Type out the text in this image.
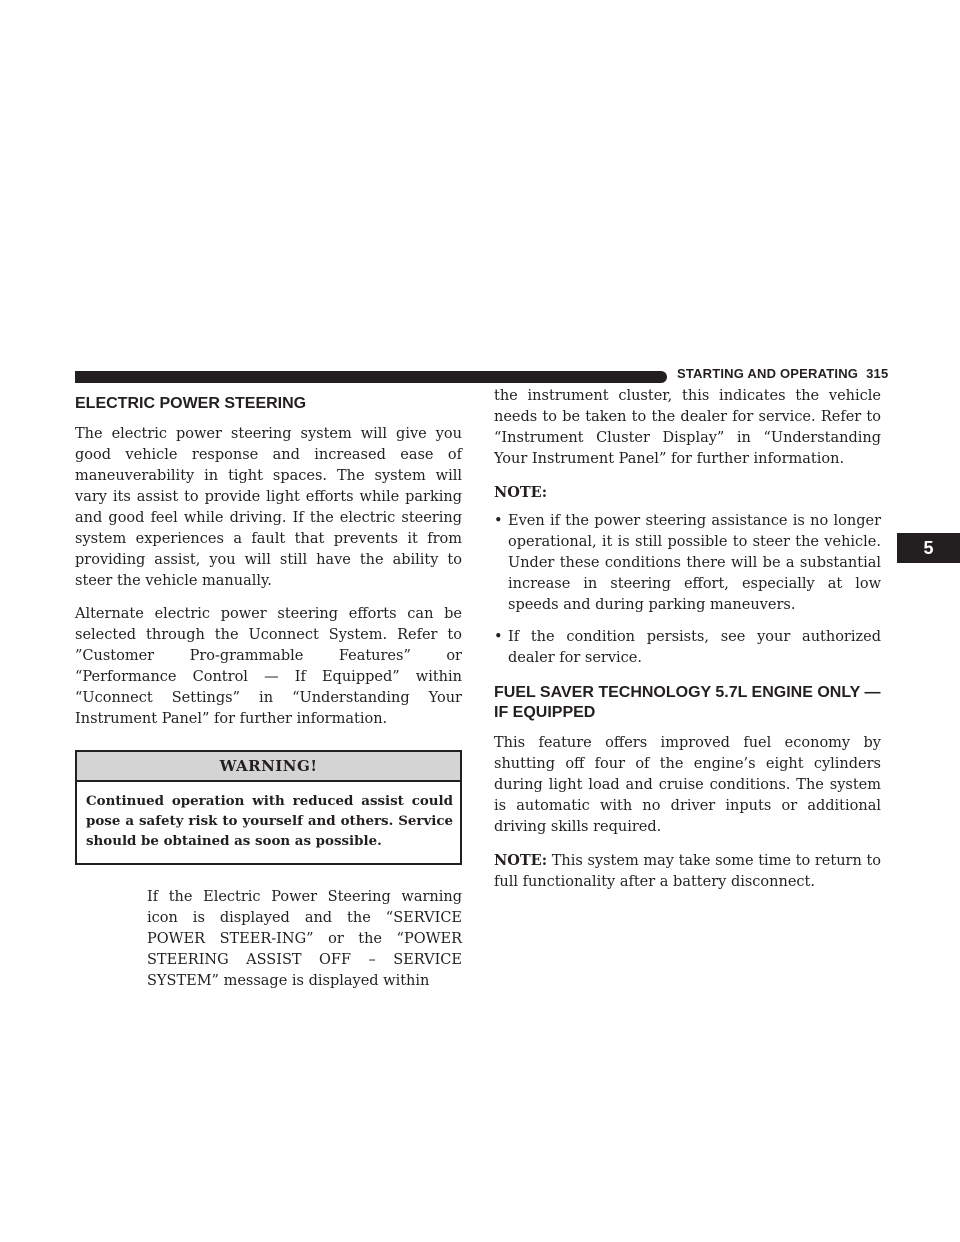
STARTING AND OPERATING 315
5
ELECTRIC POWER STEERING

The electric power steering system will give you good vehicle response and increased ease of maneuverability in tight spaces. The system will vary its assist to provide light efforts while parking and good feel while driving. If the electric steering system experiences a fault that prevents it from providing assist, you will still have the ability to steer the vehicle manually.

Alternate electric power steering efforts can be selected through the Uconnect System. Refer to ”Customer Pro-grammable Features” or “Performance Control — If Equipped” within “Uconnect Settings” in “Understanding Your Instrument Panel” for further information.

WARNING!
Continued operation with reduced assist could pose a safety risk to yourself and others. Service should be obtained as soon as possible.

If the Electric Power Steering warning icon is displayed and the “SERVICE POWER STEER-ING” or the “POWER STEERING ASSIST OFF – SERVICE SYSTEM” message is displayed within

the instrument cluster, this indicates the vehicle needs to be taken to the dealer for service. Refer to “Instrument Cluster Display” in “Understanding Your Instrument Panel” for further information.

NOTE:

• Even if the power steering assistance is no longer operational, it is still possible to steer the vehicle. Under these conditions there will be a substantial increase in steering effort, especially at low speeds and during parking maneuvers.
• If the condition persists, see your authorized dealer for service.
FUEL SAVER TECHNOLOGY 5.7L ENGINE ONLY — IF EQUIPPED

This feature offers improved fuel economy by shutting off four of the engine’s eight cylinders during light load and cruise conditions. The system is automatic with no driver inputs or additional driving skills required.

NOTE: This system may take some time to return to full functionality after a battery disconnect.
